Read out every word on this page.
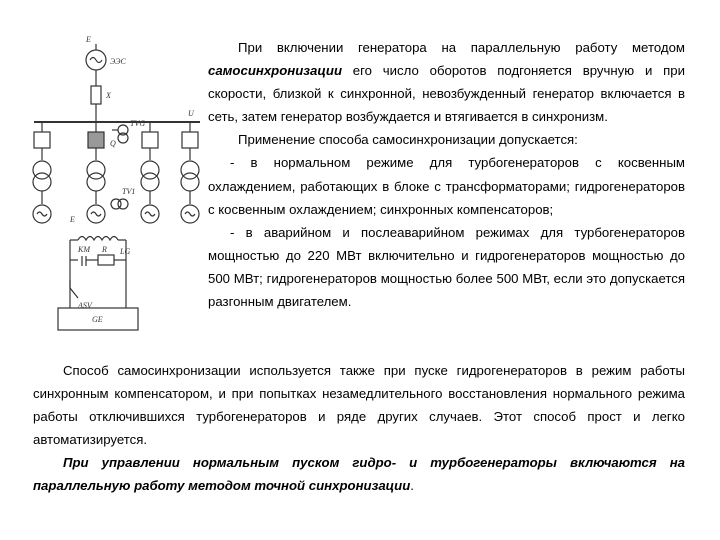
E
ЭЭС
X
U
Q
TVG
TV1
E
LG
KM R
ASV
GE

При включении генератора на параллельную работу методом самосинхронизации его число оборотов подгоняется вручную и при скорости, близкой к синхронной, невозбужденный генератор включается в сеть, затем генератор возбуждается и втягивается в синхронизм.

Применение способа самосинхронизации допускается:

- в нормальном режиме для турбогенераторов с косвенным охлаждением, работающих в блоке с трансформаторами; гидрогенераторов с косвенным охлаждением; синхронных компенсаторов;

- в аварийном и послеаварийном режимах для турбогенераторов мощностью до 220 МВт включительно и гидрогенераторов мощностью до 500 МВт; гидрогенераторов мощностью более 500 МВт, если это допускается разгонным двигателем.

Способ самосинхронизации используется также при пуске гидрогенераторов в режим работы синхронным компенсатором, и при попытках незамедлительного восстановления нормального режима работы отключившихся турбогенераторов и ряде других случаев. Этот способ прост и легко автоматизируется.

При управлении нормальным пуском гидро- и турбогенераторы включаются на параллельную работу методом точной синхронизации.
